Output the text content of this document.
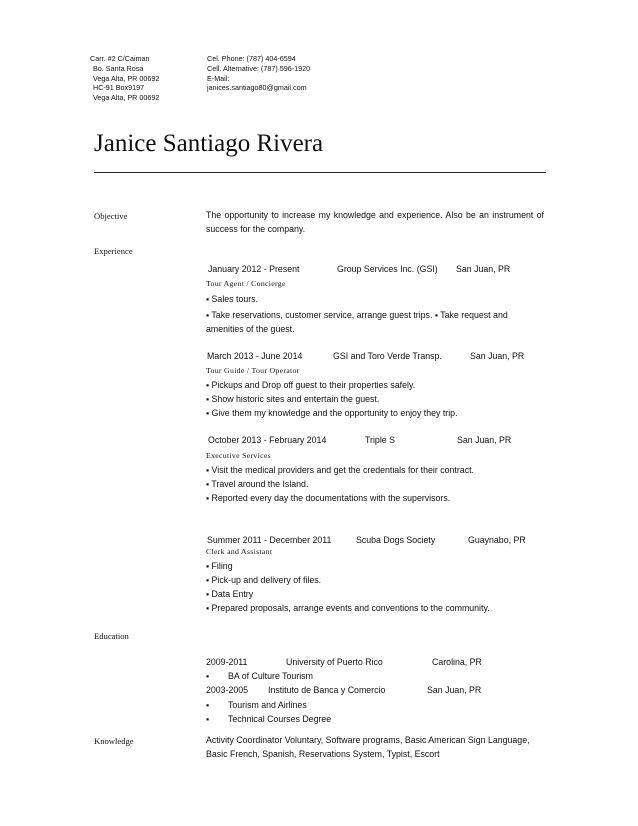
Carr. #2 C/Caiman
Bo. Santa Rosa
Vega Alta, PR 00692
HC-91 Box9197
Vega Alta, PR 00692
Cel. Phone: (787) 404-6594
Cell. Alternative: (787) 596-1920
E-Mail:
janices.santiago80@gmail.com
Janice Santiago Rivera
Objective	The opportunity to increase my knowledge and experience. Also be an instrument of success for the company.
Experience
January 2012 - Present	Group Services Inc. (GSI) San Juan, PR
Tour Agent / Concierge
▪ Sales tours.
▪ Take reservations, customer service, arrange guest trips. ▪ Take request and amenities of the guest.
March 2013 - June 2014	GSI and Toro Verde Transp.	San Juan, PR
Tour Guide / Tour Operator
▪ Pickups and Drop off guest to their properties safely.
▪ Show historic sites and entertain the guest.
▪ Give them my knowledge and the opportunity to enjoy they trip.
October 2013 - February 2014	Triple S	San Juan, PR
Executive Services
▪ Visit the medical providers and get the credentials for their contract.
▪ Travel around the Island.
▪ Reported every day the documentations with the supervisors.
Summer 2011 - December 2011	Scuba Dogs Society	Guaynabo, PR
Clerk and Assistant
▪ Filing
▪ Pick-up and delivery of files.
▪ Data Entry
▪ Prepared proposals, arrange events and conventions to the community.
Education
2009-2011	University of Puerto Rico	Carolina, PR
▪ BA of Culture Tourism
2003-2005 Instituto de Banca y Comercio	San Juan, PR
▪ Tourism and Airlines
▪ Technical Courses Degree
Knowledge	Activity Coordinator Voluntary, Software programs, Basic American Sign Language, Basic French, Spanish, Reservations System, Typist, Escort
